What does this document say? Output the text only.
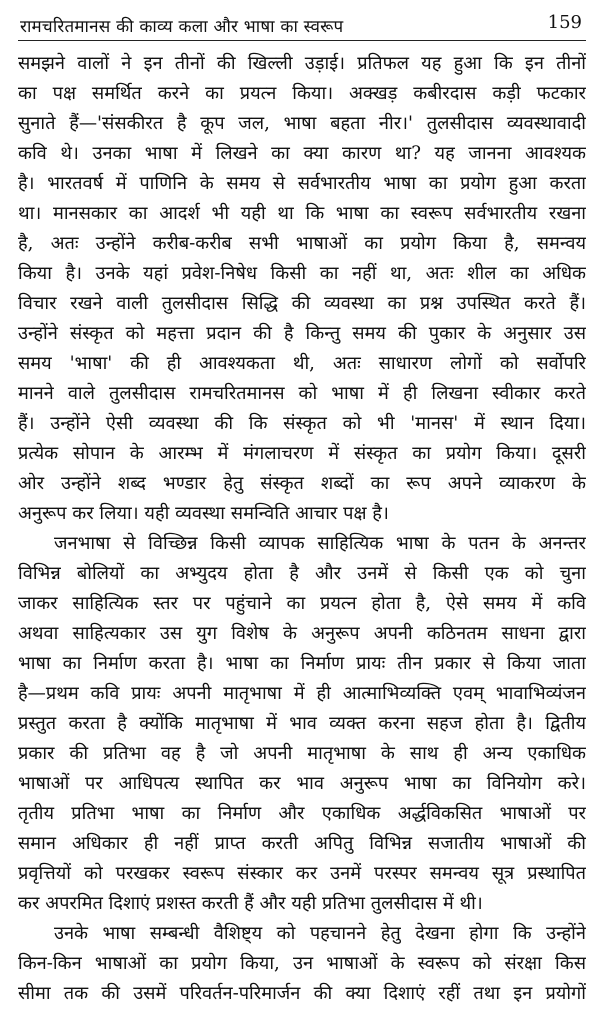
रामचरितमानस की काव्य कला और भाषा का स्वरूप	159
समझने वालों ने इन तीनों की खिल्ली उड़ाई। प्रतिफल यह हुआ कि इन तीनों
का पक्ष समर्थित करने का प्रयत्न किया। अक्खड़ कबीरदास कड़ी फटकार
सुनाते हैं—'संसकीरत है कूप जल, भाषा बहता नीर।' तुलसीदास व्यवस्थावादी
कवि थे। उनका भाषा में लिखने का क्या कारण था? यह जानना आवश्यक
है। भारतवर्ष में पाणिनि के समय से सर्वभारतीय भाषा का प्रयोग हुआ करता
था। मानसकार का आदर्श भी यही था कि भाषा का स्वरूप सर्वभारतीय रखना
है, अतः उन्होंने करीब-करीब सभी भाषाओं का प्रयोग किया है, समन्वय
किया है। उनके यहां प्रवेश-निषेध किसी का नहीं था, अतः शील का अधिक
विचार रखने वाली तुलसीदास सिद्धि की व्यवस्था का प्रश्न उपस्थित करते हैं।
उन्होंने संस्कृत को महत्ता प्रदान की है किन्तु समय की पुकार के अनुसार उस
समय 'भाषा' की ही आवश्यकता थी, अतः साधारण लोगों को सर्वोपरि
मानने वाले तुलसीदास रामचरितमानस को भाषा में ही लिखना स्वीकार करते
हैं। उन्होंने ऐसी व्यवस्था की कि संस्कृत को भी 'मानस' में स्थान दिया।
प्रत्येक सोपान के आरम्भ में मंगलाचरण में संस्कृत का प्रयोग किया। दूसरी
ओर उन्होंने शब्द भण्डार हेतु संस्कृत शब्दों का रूप अपने व्याकरण के
अनुरूप कर लिया। यही व्यवस्था समन्विति आचार पक्ष है।
जनभाषा से विच्छिन्न किसी व्यापक साहित्यिक भाषा के पतन के अनन्तर
विभिन्न बोलियों का अभ्युदय होता है और उनमें से किसी एक को चुना
जाकर साहित्यिक स्तर पर पहुंचाने का प्रयत्न होता है, ऐसे समय में कवि
अथवा साहित्यकार उस युग विशेष के अनुरूप अपनी कठिनतम साधना द्वारा
भाषा का निर्माण करता है। भाषा का निर्माण प्रायः तीन प्रकार से किया जाता
है—प्रथम कवि प्रायः अपनी मातृभाषा में ही आत्माभिव्यक्ति एवम् भावाभिव्यंजन
प्रस्तुत करता है क्योंकि मातृभाषा में भाव व्यक्त करना सहज होता है। द्वितीय
प्रकार की प्रतिभा वह है जो अपनी मातृभाषा के साथ ही अन्य एकाधिक
भाषाओं पर आधिपत्य स्थापित कर भाव अनुरूप भाषा का विनियोग करे।
तृतीय प्रतिभा भाषा का निर्माण और एकाधिक अर्द्धविकसित भाषाओं पर
समान अधिकार ही नहीं प्राप्त करती अपितु विभिन्न सजातीय भाषाओं की
प्रवृत्तियों को परखकर स्वरूप संस्कार कर उनमें परस्पर समन्वय सूत्र प्रस्थापित
कर अपरमित दिशाएं प्रशस्त करती हैं और यही प्रतिभा तुलसीदास में थी।
उनके भाषा सम्बन्धी वैशिष्ट्य को पहचानने हेतु देखना होगा कि उन्होंने
किन-किन भाषाओं का प्रयोग किया, उन भाषाओं के स्वरूप को संरक्षा किस
सीमा तक की उसमें परिवर्तन-परिमार्जन की क्या दिशाएं रहीं तथा इन प्रयोगों
